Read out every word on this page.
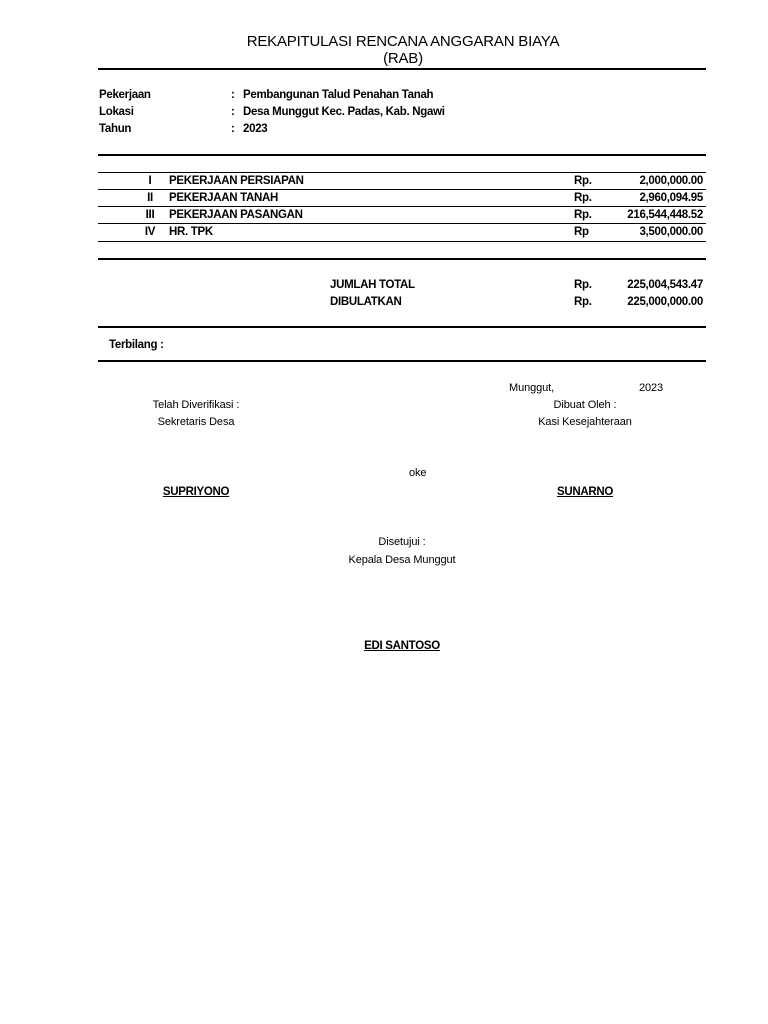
REKAPITULASI RENCANA ANGGARAN BIAYA
(RAB)
Pekerjaan	: Pembangunan Talud Penahan Tanah
Lokasi	: Desa Munggut Kec. Padas, Kab. Ngawi
Tahun	: 2023
I	PEKERJAAN PERSIAPAN	Rp.	2,000,000.00
II	PEKERJAAN TANAH	Rp.	2,960,094.95
III	PEKERJAAN PASANGAN	Rp.	216,544,448.52
IV	HR. TPK	Rp	3,500,000.00
JUMLAH TOTAL	Rp.	225,004,543.47
DIBULATKAN	Rp.	225,000,000.00
Terbilang :
Munggut,	2023
Telah Diverifikasi :
Sekretaris Desa
Dibuat Oleh :
Kasi Kesejahteraan
oke
SUPRIYONO	SUNARNO
Disetujui :
Kepala Desa Munggut
EDI SANTOSO
